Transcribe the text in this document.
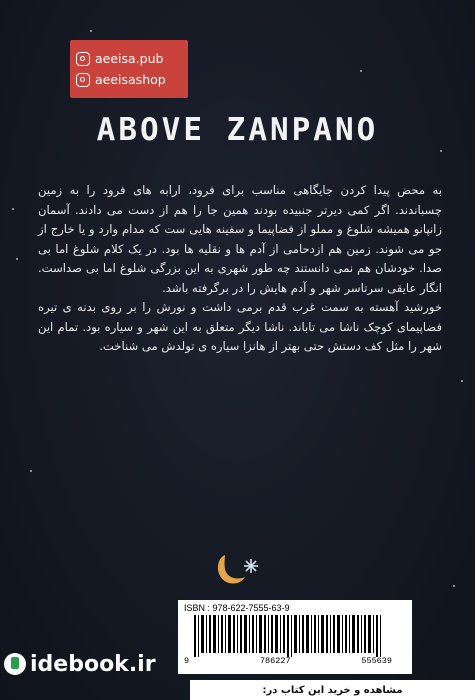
aeeisa.pub
aeeisashop
ABOVE ZANPANO

به محض پیدا کردن جایگاهی مناسب برای فرود، ارابه های فرود را به زمین چسباندند. اگر کمی دیرتر جنبیده بودند همین جا را هم از دست می دادند. آسمان زانپانو همیشه شلوغ و مملو از فضاپیما و سفینه هایی ست که مدام وارد و یا خارج از جو می شوند. زمین هم ازدحامی از آدم ها و نقلیه ها بود. در یک کلام شلوغ اما بی صدا. خودشان هم نمی دانستند چه طور شهری به این بزرگی شلوغ اما بی صداست. انگار عایقی سرتاسر شهر و آدم هایش را در برگرفته باشد.

خورشید آهسته به سمت غرب قدم برمی داشت و نورش را بر روی بدنه ی تیره فضاپیمای کوچک ناشا می تاباند. ناشا دیگر متعلق به این شهر و سیاره بود. تمام این شهر را مثل کف دستش حتی بهتر از هانزا سیاره ی تولدش می شناخت.

ISBN : 978-622-7555-63-9
9	786227	555639
idebook.ir
مشاهده و خرید این کتاب در:
